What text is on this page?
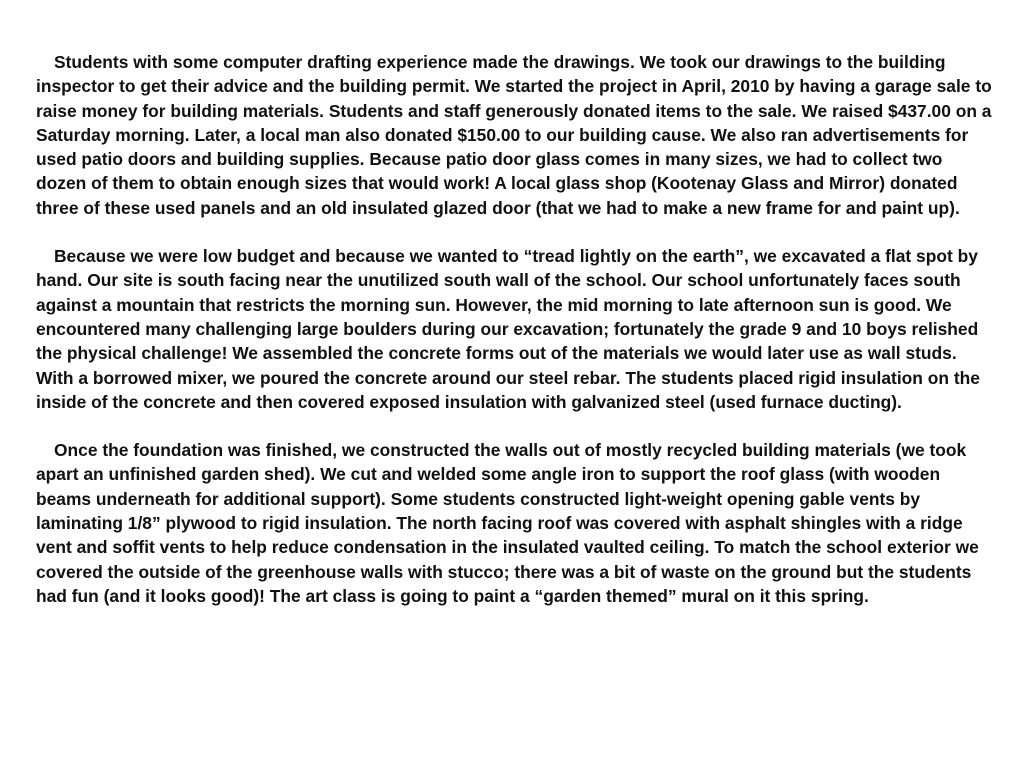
Students with some computer drafting experience made the drawings. We took our drawings to the building inspector to get their advice and the building permit. We started the project in April, 2010 by having a garage sale to raise money for building materials. Students and staff generously donated items to the sale. We raised $437.00 on a Saturday morning. Later, a local man also donated $150.00 to our building cause. We also ran advertisements for used patio doors and building supplies. Because patio door glass comes in many sizes, we had to collect two dozen of them to obtain enough sizes that would work! A local glass shop (Kootenay Glass and Mirror) donated three of these used panels and an old insulated glazed door (that we had to make a new frame for and paint up).

Because we were low budget and because we wanted to “tread lightly on the earth”, we excavated a flat spot by hand. Our site is south facing near the unutilized south wall of the school. Our school unfortunately faces south against a mountain that restricts the morning sun. However, the mid morning to late afternoon sun is good. We encountered many challenging large boulders during our excavation; fortunately the grade 9 and 10 boys relished the physical challenge! We assembled the concrete forms out of the materials we would later use as wall studs. With a borrowed mixer, we poured the concrete around our steel rebar. The students placed rigid insulation on the inside of the concrete and then covered exposed insulation with galvanized steel (used furnace ducting).

Once the foundation was finished, we constructed the walls out of mostly recycled building materials (we took apart an unfinished garden shed). We cut and welded some angle iron to support the roof glass (with wooden beams underneath for additional support). Some students constructed light-weight opening gable vents by laminating 1/8” plywood to rigid insulation. The north facing roof was covered with asphalt shingles with a ridge vent and soffit vents to help reduce condensation in the insulated vaulted ceiling. To match the school exterior we covered the outside of the greenhouse walls with stucco; there was a bit of waste on the ground but the students had fun (and it looks good)! The art class is going to paint a “garden themed” mural on it this spring.
